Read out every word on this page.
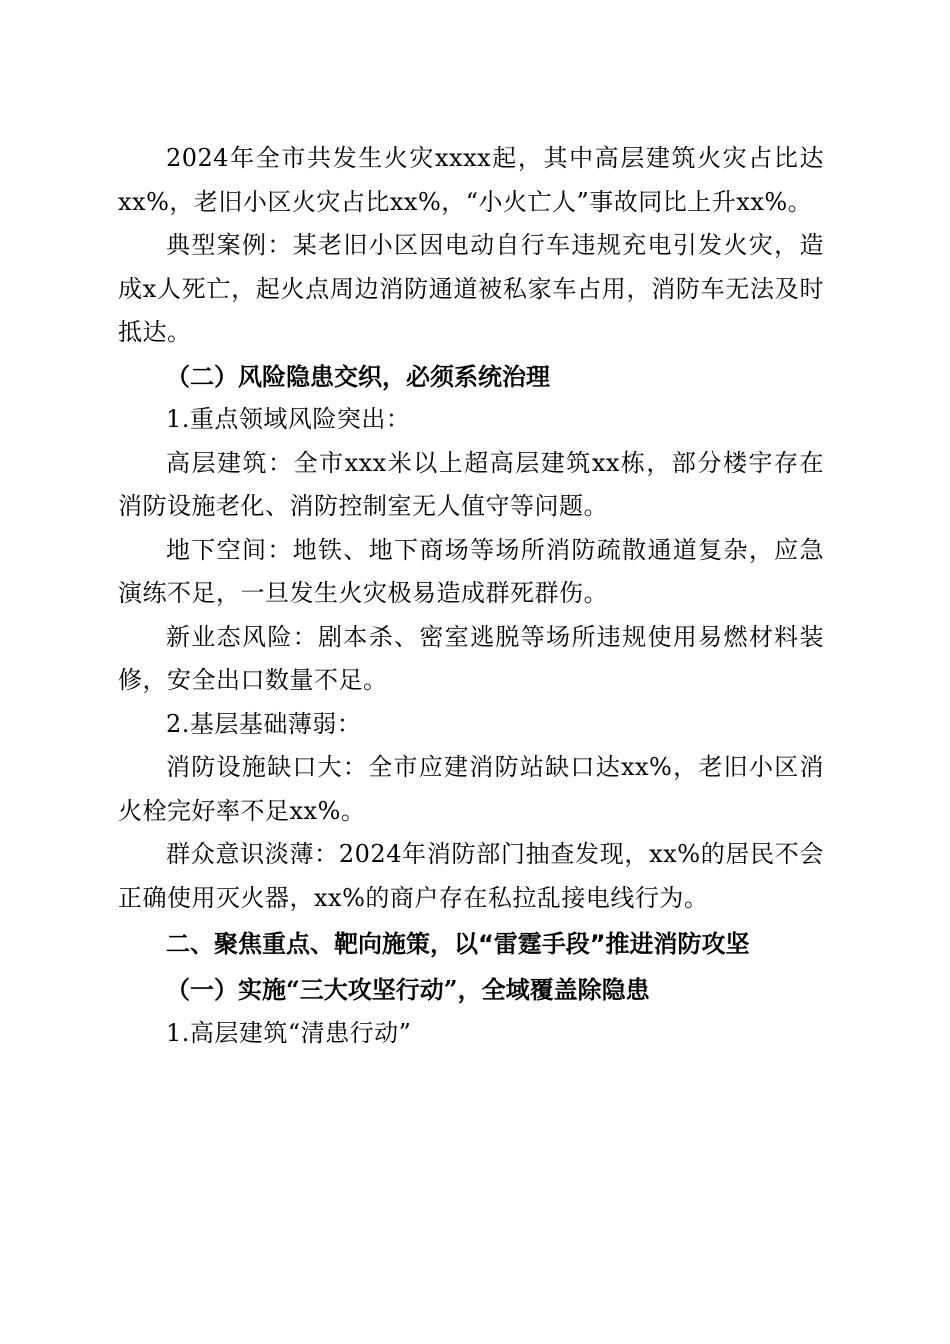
2024年全市共发生火灾xxxx起，其中高层建筑火灾占比达xx%，老旧小区火灾占比xx%，“小火亡人”事故同比上升xx%。

典型案例：某老旧小区因电动自行车违规充电引发火灾，造成x人死亡，起火点周边消防通道被私家车占用，消防车无法及时抵达。

（二）风险隐患交织，必须系统治理

1.重点领域风险突出：

高层建筑：全市xxx米以上超高层建筑xx栋，部分楼宇存在消防设施老化、消防控制室无人值守等问题。

地下空间：地铁、地下商场等场所消防疏散通道复杂，应急演练不足，一旦发生火灾极易造成群死群伤。

新业态风险：剧本杀、密室逃脱等场所违规使用易燃材料装修，安全出口数量不足。

2.基层基础薄弱：

消防设施缺口大：全市应建消防站缺口达xx%，老旧小区消火栓完好率不足xx%。

群众意识淡薄：2024年消防部门抽查发现，xx%的居民不会正确使用灭火器，xx%的商户存在私拉乱接电线行为。

二、聚焦重点、靶向施策，以“雷霆手段”推进消防攻坚

（一）实施“三大攻坚行动”，全域覆盖除隐患

1.高层建筑“清患行动”
